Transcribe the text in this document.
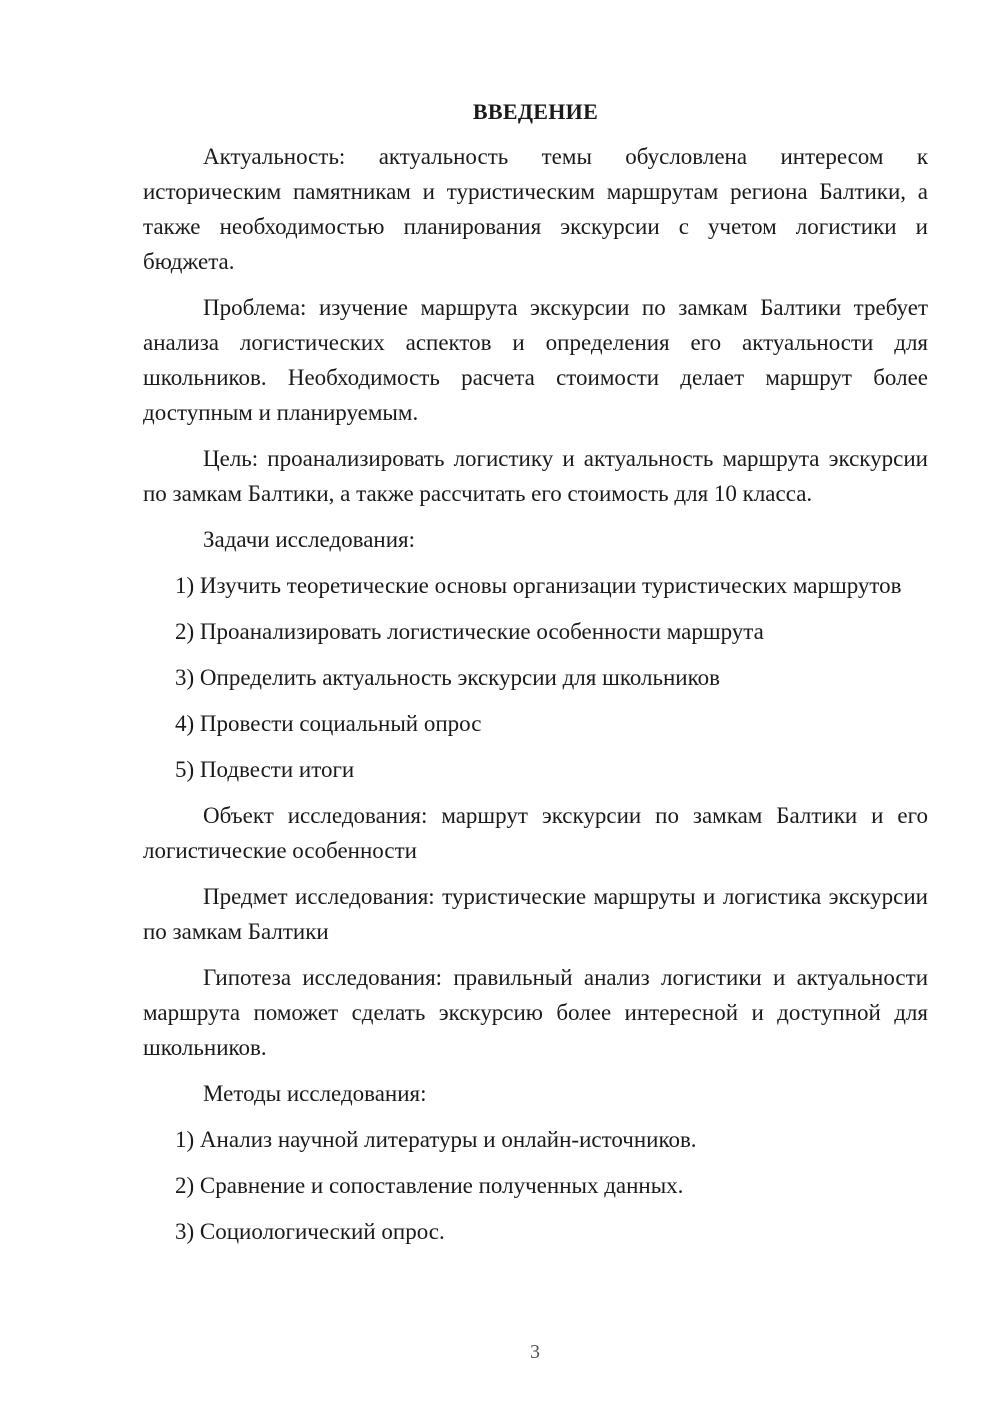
ВВЕДЕНИЕ

Актуальность: актуальность темы обусловлена интересом к историческим памятникам и туристическим маршрутам региона Балтики, а также необходимостью планирования экскурсии с учетом логистики и бюджета.

Проблема: изучение маршрута экскурсии по замкам Балтики требует анализа логистических аспектов и определения его актуальности для школьников. Необходимость расчета стоимости делает маршрут более доступным и планируемым.

Цель: проанализировать логистику и актуальность маршрута экскурсии по замкам Балтики, а также рассчитать его стоимость для 10 класса.

Задачи исследования:

1) Изучить теоретические основы организации туристических маршрутов

2) Проанализировать логистические особенности маршрута

3) Определить актуальность экскурсии для школьников

4) Провести социальный опрос

5) Подвести итоги

Объект исследования: маршрут экскурсии по замкам Балтики и его логистические особенности

Предмет исследования: туристические маршруты и логистика экскурсии по замкам Балтики

Гипотеза исследования: правильный анализ логистики и актуальности маршрута поможет сделать экскурсию более интересной и доступной для школьников.

Методы исследования:

1) Анализ научной литературы и онлайн-источников.

2) Сравнение и сопоставление полученных данных.

3) Социологический опрос.

3
